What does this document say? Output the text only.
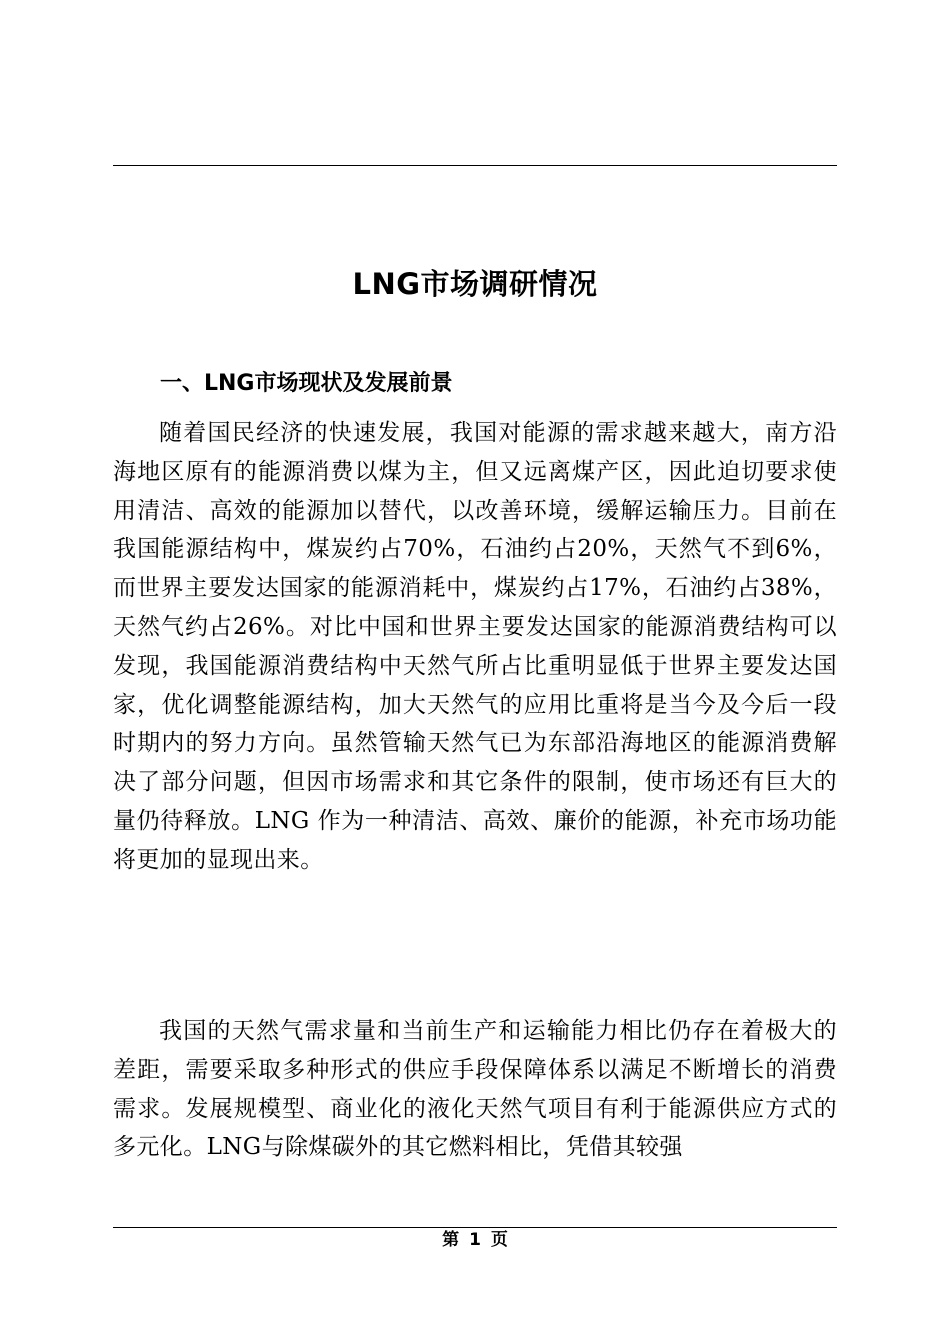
LNG市场调研情况
一、LNG市场现状及发展前景

随着国民经济的快速发展，我国对能源的需求越来越大，南方沿海地区原有的能源消费以煤为主，但又远离煤产区，因此迫切要求使用清洁、高效的能源加以替代，以改善环境，缓解运输压力。目前在我国能源结构中，煤炭约占70%，石油约占20%，天然气不到6%，而世界主要发达国家的能源消耗中，煤炭约占17%，石油约占38%，天然气约占26%。对比中国和世界主要发达国家的能源消费结构可以发现，我国能源消费结构中天然气所占比重明显低于世界主要发达国家，优化调整能源结构，加大天然气的应用比重将是当今及今后一段时期内的努力方向。虽然管输天然气已为东部沿海地区的能源消费解决了部分问题，但因市场需求和其它条件的限制，使市场还有巨大的量仍待释放。LNG 作为一种清洁、高效、廉价的能源，补充市场功能将更加的显现出来。

我国的天然气需求量和当前生产和运输能力相比仍存在着极大的差距，需要采取多种形式的供应手段保障体系以满足不断增长的消费需求。发展规模型、商业化的液化天然气项目有利于能源供应方式的多元化。LNG与除煤碳外的其它燃料相比，凭借其较强

第 1 页
